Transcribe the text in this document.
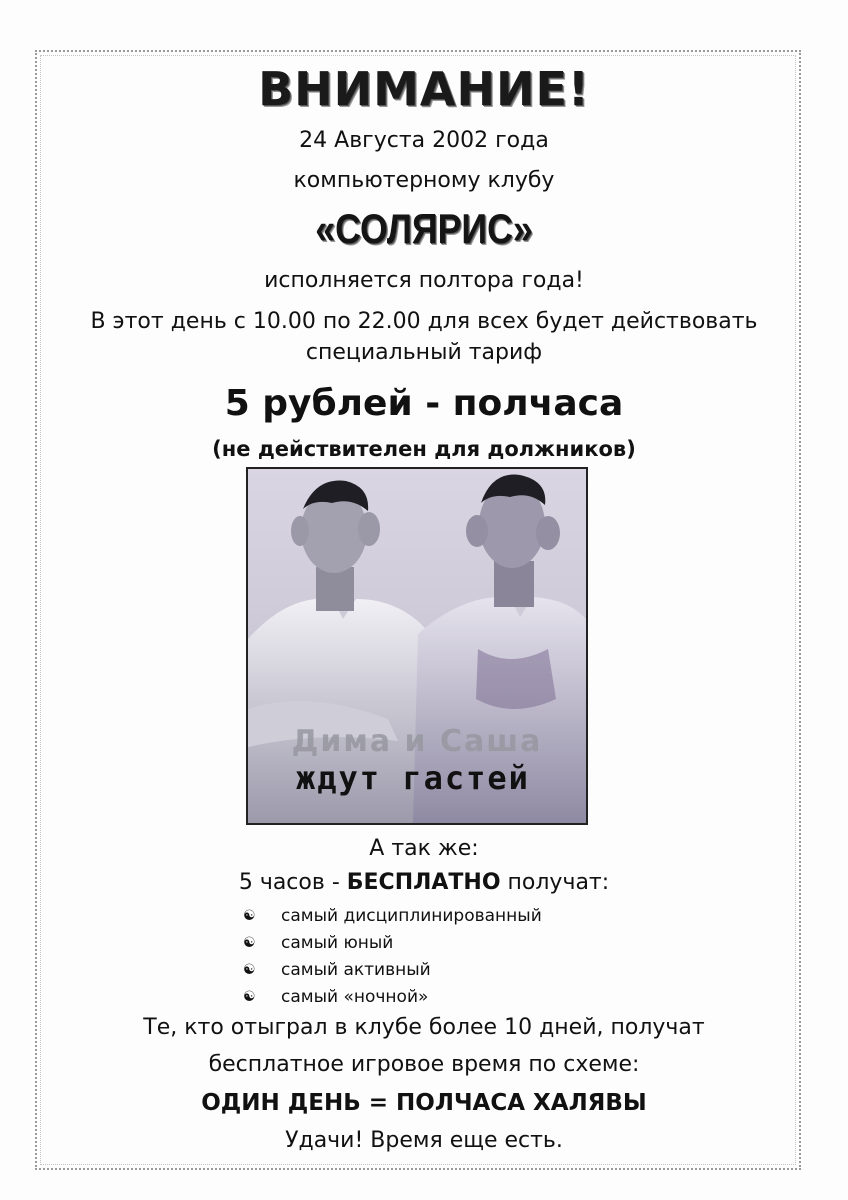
ВНИМАНИЕ!
24 Августа 2002 года
компьютерному клубу
«СОЛЯРИС»
исполняется полтора года!
В этот день с 10.00 по 22.00 для всех будет действовать
специальный тариф
5 рублей - полчаса
(не действителен для должников)
Дима и Саша
ждут гастей
А так же:
5 часов - БЕСПЛАТНО получат:
☯	самый дисциплинированный
☯	самый юный
☯	самый активный
☯	самый «ночной»
Те, кто отыграл в клубе более 10 дней, получат
бесплатное игровое время по схеме:
ОДИН ДЕНЬ = ПОЛЧАСА ХАЛЯВЫ
Удачи! Время еще есть.
